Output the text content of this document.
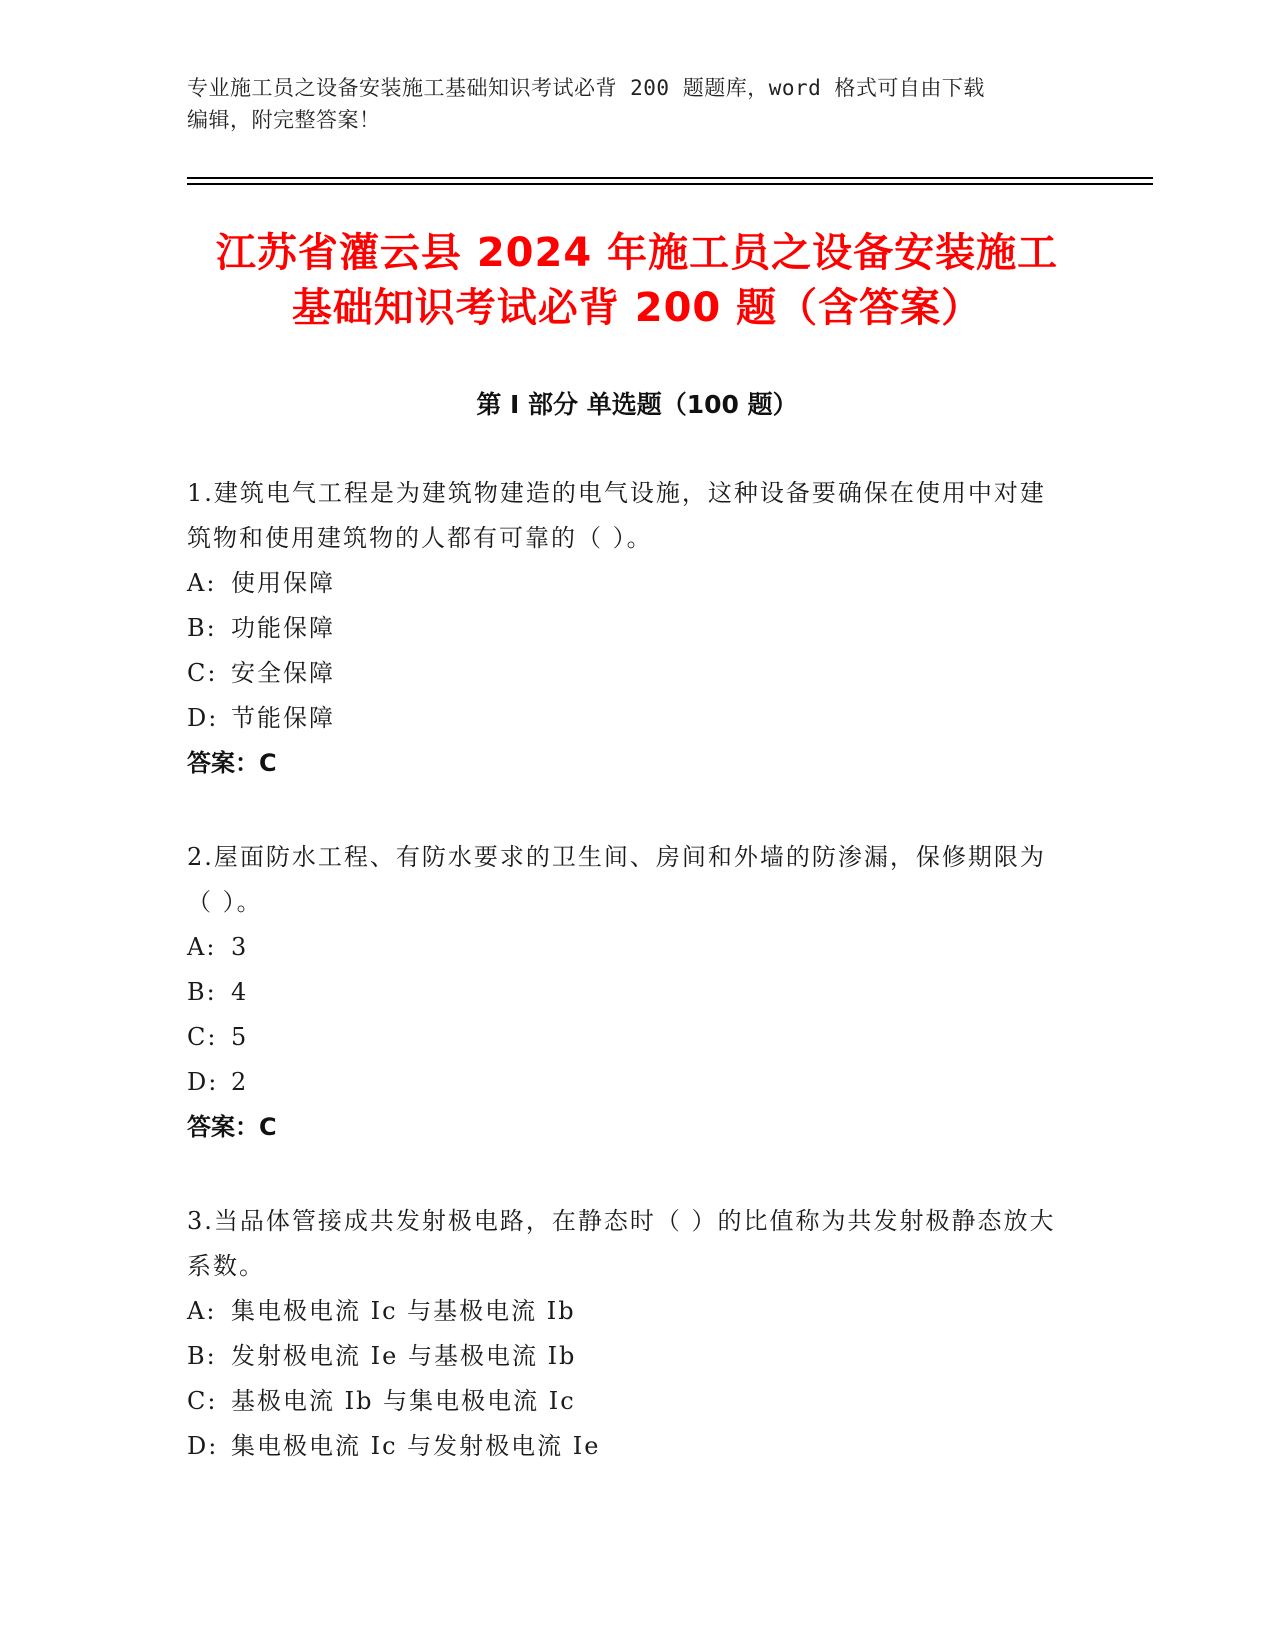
专业施工员之设备安装施工基础知识考试必背 200 题题库，word 格式可自由下载
编辑，附完整答案！
江苏省灌云县 2024 年施工员之设备安装施工
基础知识考试必背 200 题（含答案）
第 I 部分 单选题（100 题）

1.建筑电气工程是为建筑物建造的电气设施，这种设备要确保在使用中对建筑物和使用建筑物的人都有可靠的（ ）。

A: 使用保障
B: 功能保障
C: 安全保障
D: 节能保障

答案：C

2.屋面防水工程、有防水要求的卫生间、房间和外墙的防渗漏，保修期限为（ ）。

A: 3
B: 4
C: 5
D: 2

答案：C

3.当品体管接成共发射极电路，在静态时（ ）的比值称为共发射极静态放大系数。

A: 集电极电流 Ic 与基极电流 Ib
B: 发射极电流 Ie 与基极电流 Ib
C: 基极电流 Ib 与集电极电流 Ic
D: 集电极电流 Ic 与发射极电流 Ie
